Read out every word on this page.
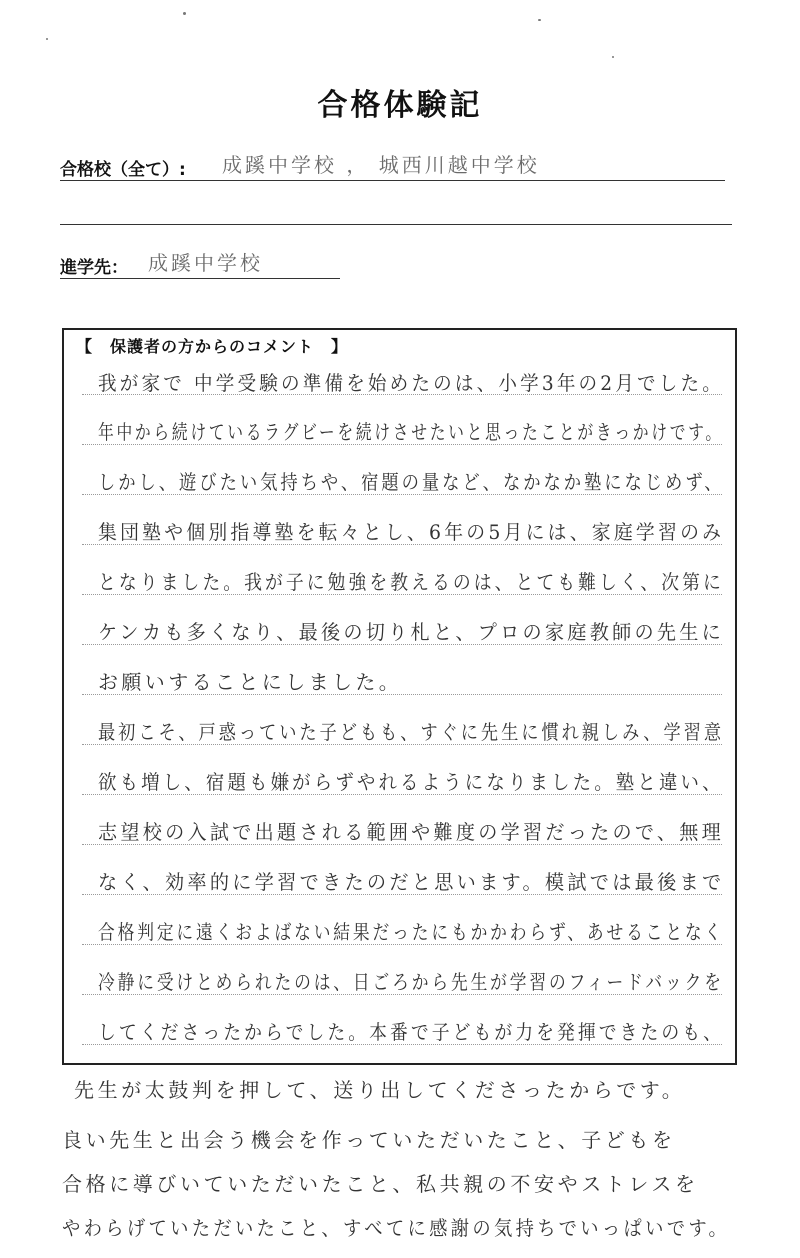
合格体験記
合格校（全て）: 成蹊中学校 ， 城西川越中学校
進学先： 成蹊中学校
【　保護者の方からのコメント　】
我が家で 中学受験の準備を始めたのは、小学3年の2月でした。
年中から続けているラグビーを続けさせたいと思ったことがきっかけです。
しかし、遊びたい気持ちや、宿題の量など、なかなか塾になじめず、
集団塾や個別指導塾を転々とし、6年の5月には、家庭学習のみ
となりました。我が子に勉強を教えるのは、とても難しく、次第に
ケンカも多くなり、最後の切り札と、プロの家庭教師の先生に
お願いすることにしました。
最初こそ、戸惑っていた子どもも、すぐに先生に慣れ親しみ、学習意
欲も増し、宿題も嫌がらずやれるようになりました。塾と違い、
志望校の入試で出題される範囲や難度の学習だったので、無理
なく、効率的に学習できたのだと思います。模試では最後まで
合格判定に遠くおよばない結果だったにもかかわらず、あせることなく
冷静に受けとめられたのは、日ごろから先生が学習のフィードバックを
してくださったからでした。本番で子どもが力を発揮できたのも、
先生が太鼓判を押して、送り出してくださったからです。
良い先生と出会う機会を作っていただいたこと、子どもを
合格に導びいていただいたこと、私共親の不安やストレスを
やわらげていただいたこと、すべてに感謝の気持ちでいっぱいです。
